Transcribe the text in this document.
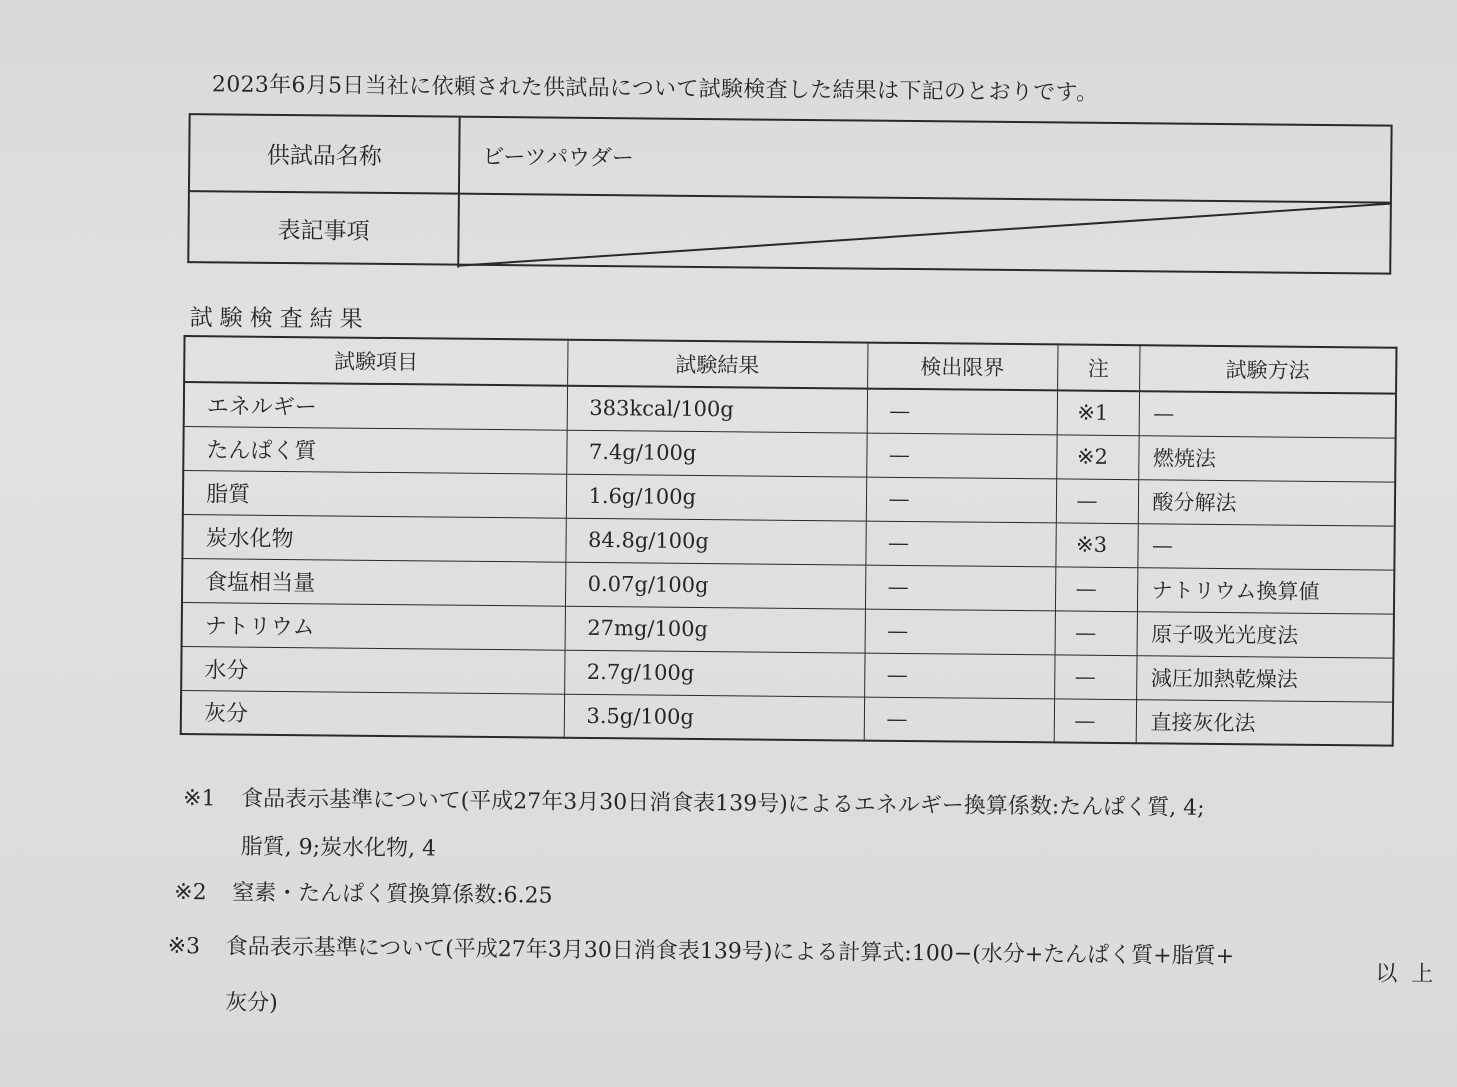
2023年6月5日当社に依頼された供試品について試験検査した結果は下記のとおりです。
供試品名称	ビーツパウダー
表記事項
試験検査結果
試験項目	試験結果	検出限界	注	試験方法
エネルギー	383kcal/100g	—	※1	—
たんぱく質	7.4g/100g	—	※2	燃焼法
脂質	1.6g/100g	—	—	酸分解法
炭水化物	84.8g/100g	—	※3	—
食塩相当量	0.07g/100g	—	—	ナトリウム換算値
ナトリウム	27mg/100g	—	—	原子吸光光度法
水分	2.7g/100g	—	—	減圧加熱乾燥法
灰分	3.5g/100g	—	—	直接灰化法
※1 食品表示基準について(平成27年3月30日消食表139号)によるエネルギー換算係数:たんぱく質, 4;
脂質, 9;炭水化物, 4
※2 窒素・たんぱく質換算係数:6.25
※3 食品表示基準について(平成27年3月30日消食表139号)による計算式:100−(水分+たんぱく質+脂質+
灰分)
以上
